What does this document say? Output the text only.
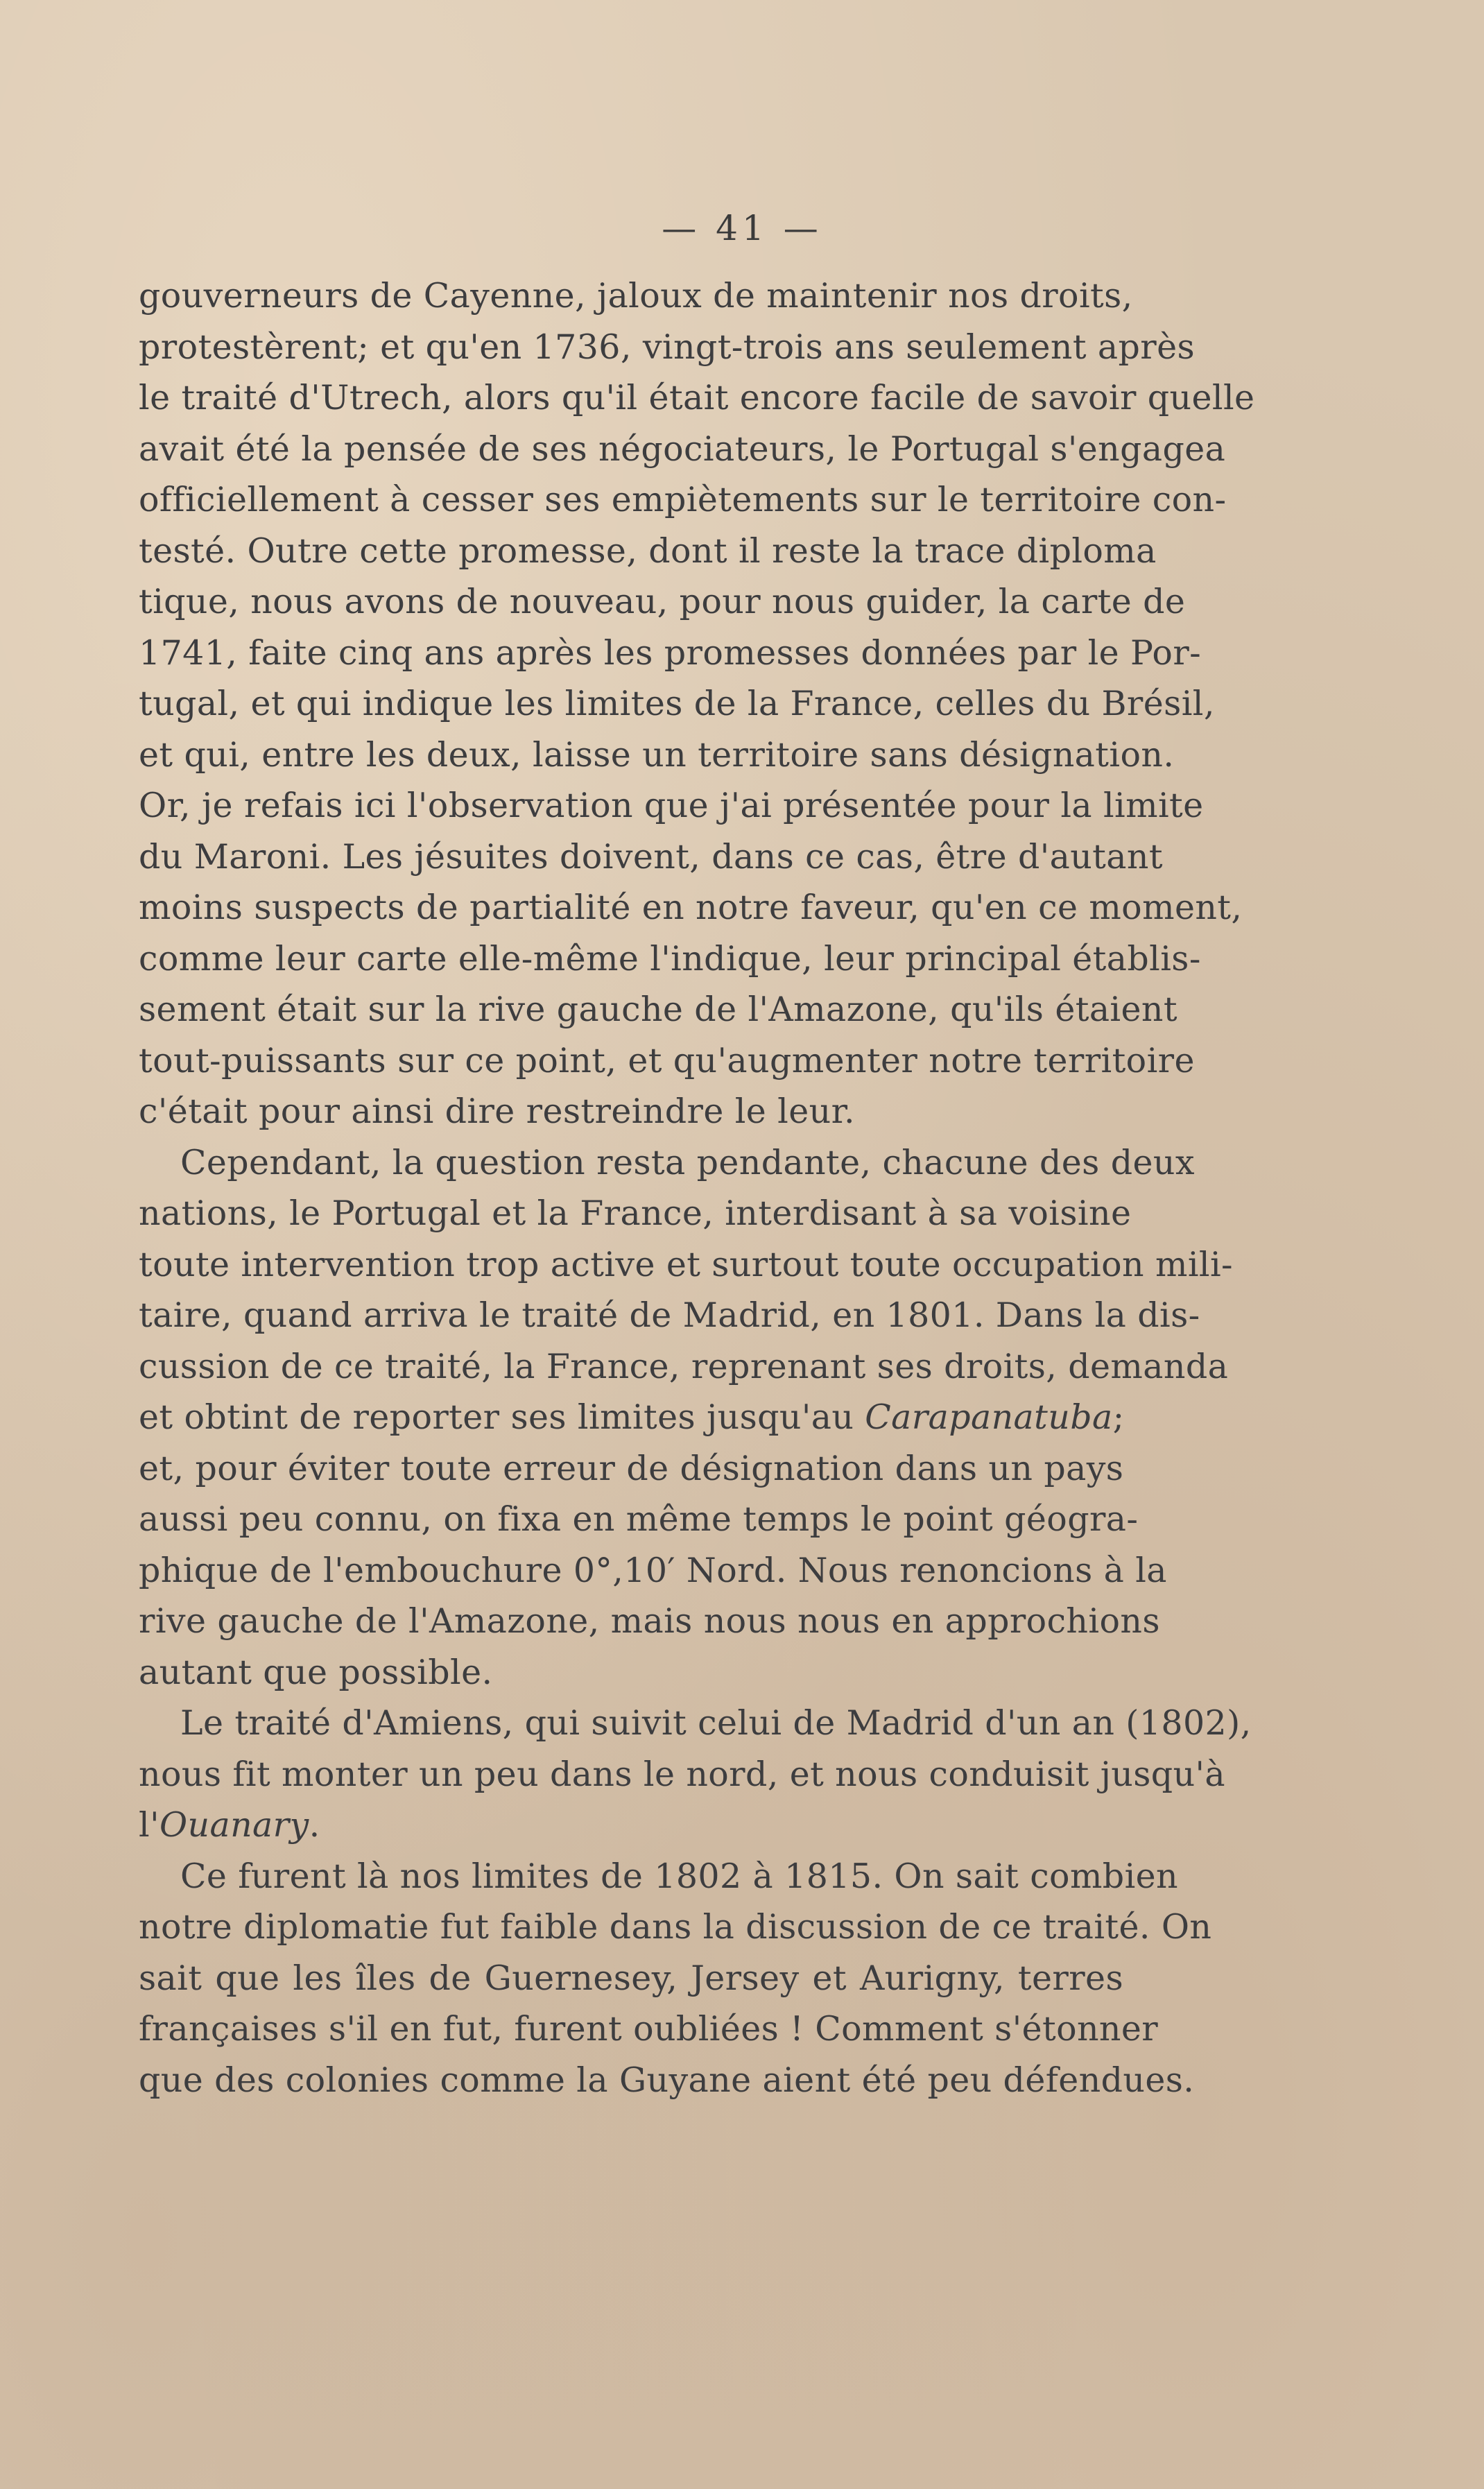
— 41 —

gouverneurs de Cayenne, jaloux de maintenir nos droits,
protestèrent; et qu'en 1736, vingt-trois ans seulement après
le traité d'Utrech, alors qu'il était encore facile de savoir quelle
avait été la pensée de ses négociateurs, le Portugal s'engagea
officiellement à cesser ses empiètements sur le territoire con-
testé. Outre cette promesse, dont il reste la trace diploma
tique, nous avons de nouveau, pour nous guider, la carte de
1741, faite cinq ans après les promesses données par le Por-
tugal, et qui indique les limites de la France, celles du Brésil,
et qui, entre les deux, laisse un territoire sans désignation.
Or, je refais ici l'observation que j'ai présentée pour la limite
du Maroni. Les jésuites doivent, dans ce cas, être d'autant
moins suspects de partialité en notre faveur, qu'en ce moment,
comme leur carte elle-même l'indique, leur principal établis-
sement était sur la rive gauche de l'Amazone, qu'ils étaient
tout-puissants sur ce point, et qu'augmenter notre territoire
c'était pour ainsi dire restreindre le leur.

Cependant, la question resta pendante, chacune des deux
nations, le Portugal et la France, interdisant à sa voisine
toute intervention trop active et surtout toute occupation mili-
taire, quand arriva le traité de Madrid, en 1801. Dans la dis-
cussion de ce traité, la France, reprenant ses droits, demanda
et obtint de reporter ses limites jusqu'au Carapanatuba;
et, pour éviter toute erreur de désignation dans un pays
aussi peu connu, on fixa en même temps le point géogra-
phique de l'embouchure 0°,10′ Nord. Nous renoncions à la
rive gauche de l'Amazone, mais nous nous en approchions
autant que possible.

Le traité d'Amiens, qui suivit celui de Madrid d'un an (1802),
nous fit monter un peu dans le nord, et nous conduisit jusqu'à
l'Ouanary.

Ce furent là nos limites de 1802 à 1815. On sait combien
notre diplomatie fut faible dans la discussion de ce traité. On
sait que les îles de Guernesey, Jersey et Aurigny, terres
françaises s'il en fut, furent oubliées ! Comment s'étonner
que des colonies comme la Guyane aient été peu défendues.
